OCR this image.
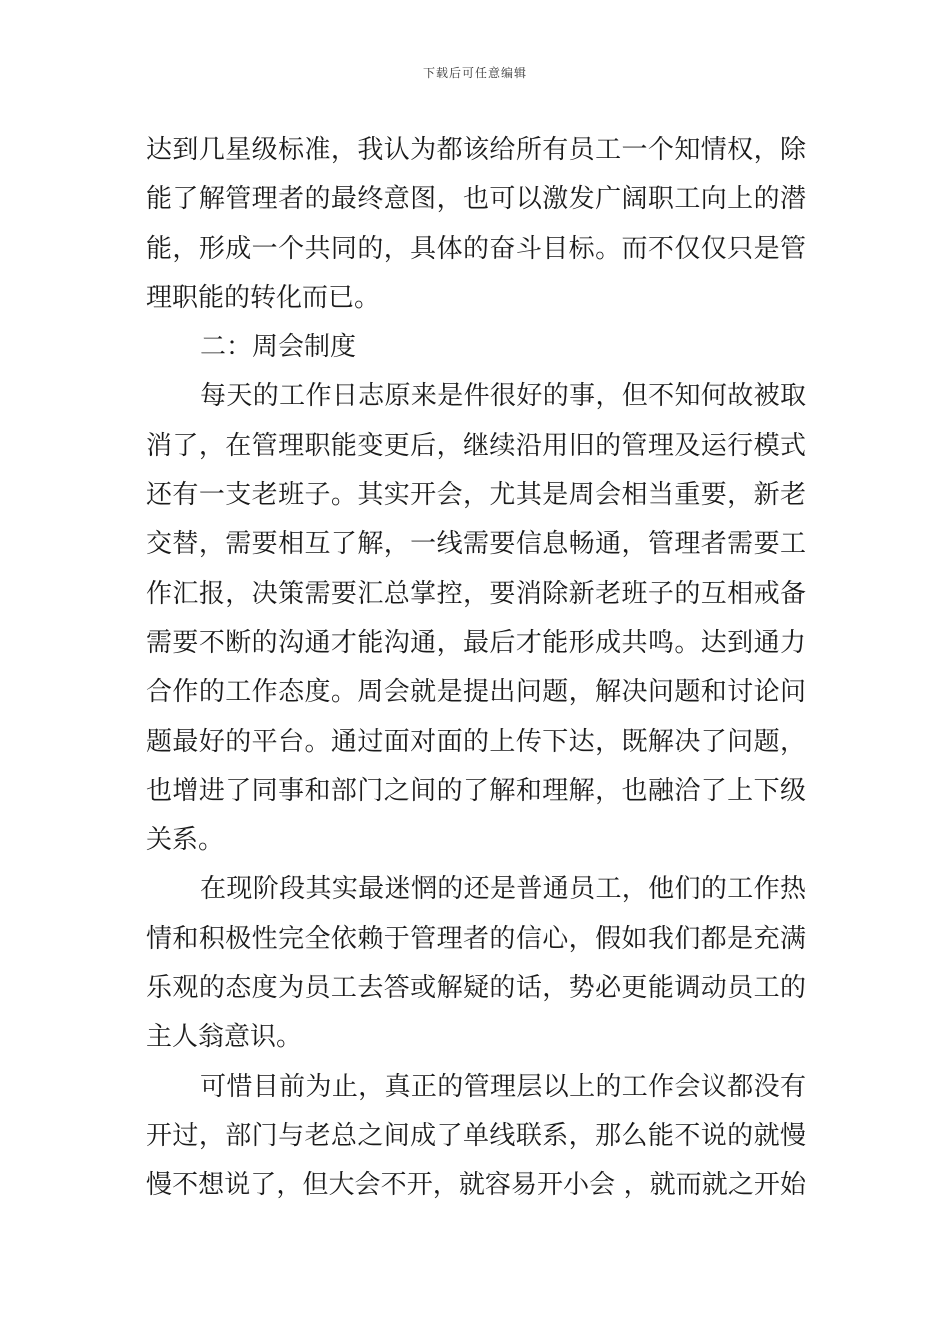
下载后可任意编辑
达到几星级标准，我认为都该给所有员工一个知情权，除
能了解管理者的最终意图，也可以激发广阔职工向上的潜
能，形成一个共同的，具体的奋斗目标。而不仅仅只是管
理职能的转化而已。
二：周会制度
每天的工作日志原来是件很好的事，但不知何故被取
消了，在管理职能变更后，继续沿用旧的管理及运行模式
还有一支老班子。其实开会，尤其是周会相当重要，新老
交替，需要相互了解，一线需要信息畅通，管理者需要工
作汇报，决策需要汇总掌控，要消除新老班子的互相戒备
需要不断的沟通才能沟通，最后才能形成共鸣。达到通力
合作的工作态度。周会就是提出问题，解决问题和讨论问
题最好的平台。通过面对面的上传下达，既解决了问题，
也增进了同事和部门之间的了解和理解，也融洽了上下级
关系。
在现阶段其实最迷惘的还是普通员工，他们的工作热
情和积极性完全依赖于管理者的信心，假如我们都是充满
乐观的态度为员工去答或解疑的话，势必更能调动员工的
主人翁意识。
可惜目前为止，真正的管理层以上的工作会议都没有
开过，部门与老总之间成了单线联系，那么能不说的就慢
慢不想说了，但大会不开，就容易开小会 ，就而就之开始
